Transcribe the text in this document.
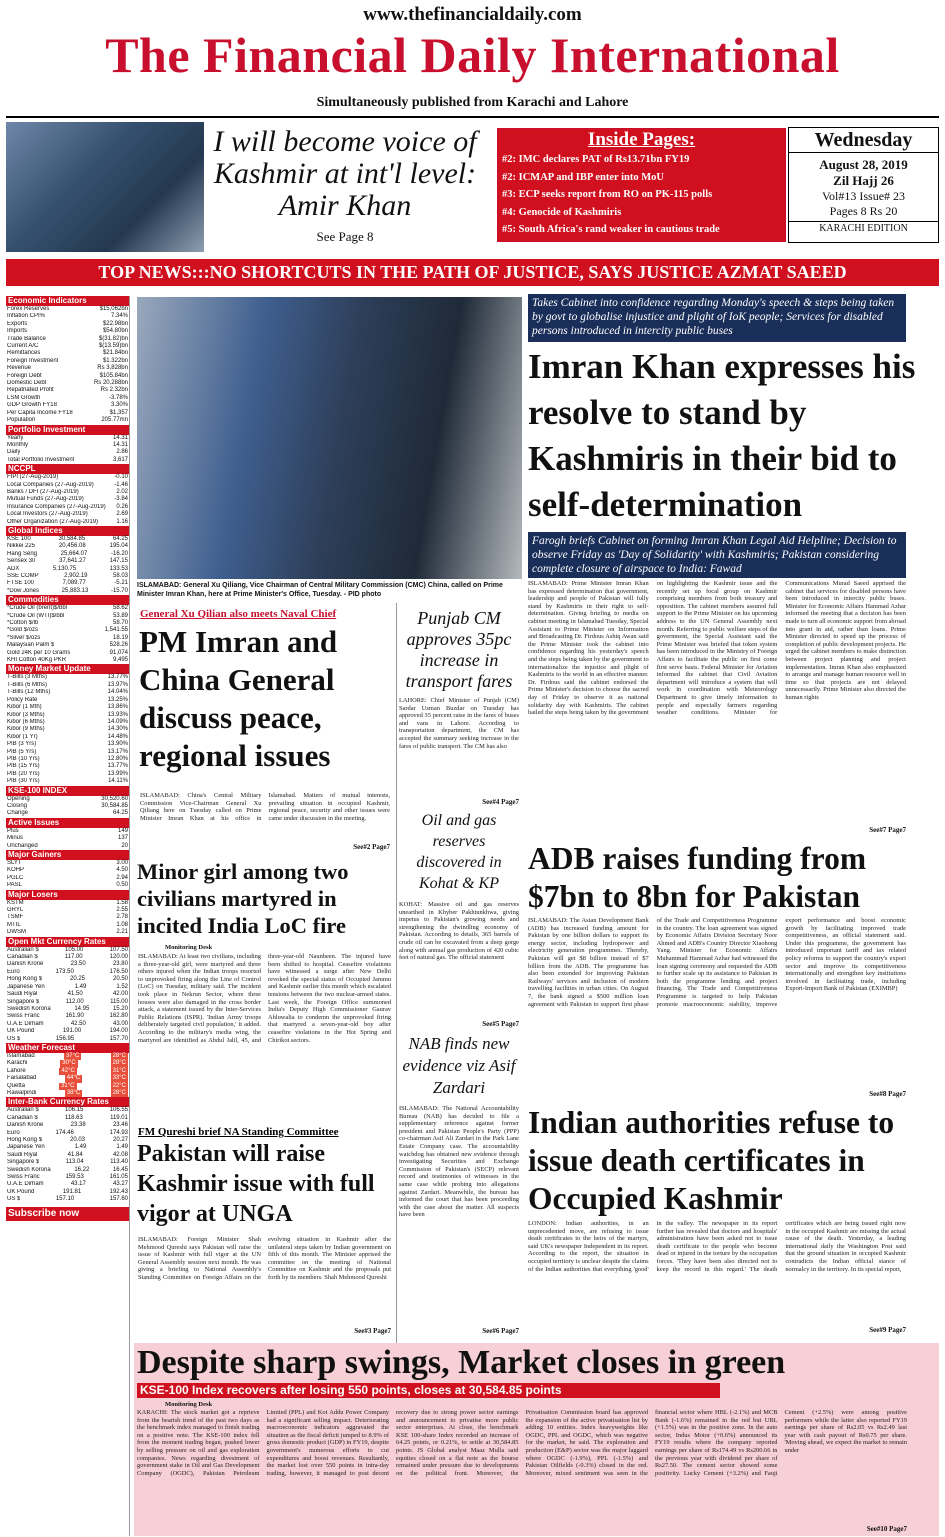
www.thefinancialdaily.com
The Financial Daily International
Simultaneously published from Karachi and Lahore
I will become voice of Kashmir at int'l level: Amir Khan
See Page 8
Inside Pages:
#2: IMC declares PAT of Rs13.71bn FY19
#2: ICMAP and IBP enter into MoU
#3: ECP seeks report from RO on PK-115 polls
#4: Genocide of Kashmiris
#5: South Africa's rand weaker in cautious trade
Wednesday
August 28, 2019
Zil Hajj 26
Vol#13 Issue# 23
Pages 8 Rs 20
KARACHI EDITION
TOP NEWS:::NO SHORTCUTS IN THE PATH OF JUSTICE, SAYS JUSTICE AZMAT SAEED
Economic Indicators
Forex Reserves	$15,062bn
Inflation CPI%	7.34%
Exports	$22.98bn
Imports	$54.80bn
Trade Balance	$(31.82)bn
Current A/C	$(13.59)bn
Remittances	$21.84bn
Foreign Investment	$1.322bn
Revenue	Rs 3,828bn
Foreign Debt	$105.84bn
Domestic Debt	Rs 20,288bn
Repatriated Profit	Rs 2.32bn
LSM Growth	-3.78%
GDP Growth FY18	3.30%
Per Capita Income FY18	$1,357
Population	205.77mn
Portfolio Investment
Yearly	14.31
Monthly	14.31
Daily	2.86
Total Portfolio Investment	3,617
NCCPL
FIPI (27-Aug-2019)	-0.10
Local Companies (27-Aug-2019)	-1.46
Banks / DFI (27-Aug-2019)	2.02
Mutual Funds (27-Aug-2019)	-3.84
Insurance Companies (27-Aug-2019) 0.26
Local Investors (27-Aug-2019)	2.69
Other Organization (27-Aug-2019)	1.16
Global Indices
KSE 100	30,584.85	64.25
Nikkei 225	20,456.08	195.04
Hang Seng	25,664.07	-16.20
Sensex 30	37,641.27	147.15
ADX	5,130.75	133.53
SSE COMP	2,902.19	58.03
FTSE 100	7,089.77	-5.21
*Dow Jones	25,883.13	-15.70
Commodities
*Crude Oil (brent)$/bbl	58.62
*Crude Oil (WTI)$/bbl	53.89
*Cotton $/lb	58.70
*Gold $/ozs	1,541.55
*Silver $/ozs	18.19
Malaysian Palm $	528.26
Gold 24K per 10 Grams	91,074
KHI Cotton 40Kg PKR	9,495
Money Market Update
T-Bills (3 Mths)	13.77%
T-Bills (6 Mths)	13.97%
T-Bills (12 Mths)	14.04%
Policy Rate	13.25%
Kibor (1 Mth)	13.86%
Kibor (3 Mths)	13.93%
Kibor (6 Mths)	14.09%
Kibor (9 Mths)	14.30%
Kibor (1 Yr)	14.48%
PIB (3 Yrs)	13.90%
PIB (5 Yrs)	13.17%
PIB (10 Yrs)	12.80%
PIB (15 Yrs)	13.77%
PIB (20 Yrs)	13.99%
PIB (30 Yrs)	14.11%
KSE-100 INDEX
Opening	30,520.60
Closing	30,584.85
Change	64.25
Active Issues
Plus	149
Minus	137
Unchanged	20
Major Gainers
SLYT	3.00
KOHP	4.50
PGLC	2.94
PASL	0.50
Major Losers
KSTM	1.58
GRYL	2.55
TSMF	2.78
MTIL	1.08
DWSM	2.21
Open Mkt Currency Rates
Australian $	105.00	107.50
Canadian $	117.00	120.00
Danish Krone	23.50	23.80
Euro	173.50	176.50
Hong Kong $	20.25	20.50
Japanese Yen	1.49	1.52
Saudi Riyal	41.50	42.00
Singapore $	112.00	115.00
Swedish Korona	14.95	15.20
Swiss Franc	161.90	162.80
U.A.E Dirham	42.50	43.00
UK Pound	191.00	194.00
US $	156.95	157.70
Weather Forecast
Islamabad	37°C	28°C
Karachi	30°C	28°C
Lahore	42°C	31°C
Faisalabad	44°C	33°C
Quetta	31°C	22°C
Rawalpindi	38°C	28°C
Inter-Bank Currency Rates
Australian $	106.15	106.55
Canadian $	118.63	119.01
Danish Krone	23.38	23.46
Euro	174.46	174.93
Hong Kong $	20.03	20.27
Japanese Yen	1.49	1.49
Saudi Riyal	41.84	42.08
Singapore $	113.04	113.40
Swedish Korona	16.22	16.45
Swiss Franc	159.53	161.05
U.A.E Dirham	43.17	43.27
UK Pound	191.81	192.43
US $	157.10	157.60
Subscribe now
ISLAMABAD: General Xu Qiliang, Vice Chairman of Central Military Commission (CMC) China, called on Prime Minister Imran Khan, here at Prime Minister's Office, Tuesday. - PID photo
Takes Cabinet into confidence regarding Monday's speech & steps being taken by govt to globalise injustice and plight of IoK people; Services for disabled persons introduced in intercity public buses
Imran Khan expresses his resolve to stand by Kashmiris in their bid to self-determination
Farogh briefs Cabinet on forming Imran Khan Legal Aid Helpline; Decision to observe Friday as 'Day of Solidarity' with Kashmiris; Pakistan considering complete closure of airspace to India: Fawad
ISLAMABAD: Prime Minister Imran Khan has expressed determination that government, leadership and people of Pakistan will fully stand by Kashmiris in their right to self-determination. Giving briefing to media on cabinet meeting in Islamabad Tuesday, Special Assistant to Prime Minister on Information and Broadcasting Dr. Firdous Ashiq Awan said the Prime Minister took the cabinet into confidence regarding his yesterday's speech and the steps being taken by the government to internationalize the injustice and plight of Kashmiris to the world in an effective manner. Dr. Firdous said the cabinet endorsed the Prime Minister's decision to choose the sacred day of Friday to observe it as national solidarity day with Kashmiris. The cabinet hailed the steps being taken by the government on highlighting the Kashmir issue and the recently set up focal group on Kashmir comprising members from both treasury and opposition. The cabinet members assured full support to the Prime Minister on his upcoming address to the UN General Assembly next month. Referring to public welfare steps of the government, the Special Assistant said the Prime Minister was briefed that token system has been introduced in the Ministry of Foreign Affairs to facilitate the public on first come first serve basis. Federal Minister for Aviation informed the cabinet that Civil Aviation department will introduce a system that will work in coordination with Meteorology Department to give timely information to people and especially farmers regarding weather conditions. Minister for Communications Murad Saeed apprised the cabinet that services for disabled persons have been introduced in intercity public buses. Minister for Economic Affairs Hammad Azhar informed the meeting that a decision has been made to turn all economic support from abroad into grant in aid, rather than loans. Prime Minister directed to speed up the process of completion of public development projects. He urged the cabinet members to make distinction between project planning and project implementation. Imran Khan also emphasized to arrange and manage human resource well in time so that projects are not delayed unnecessarily. Prime Minister also directed the human rights
See#7 Page7
General Xu Qilian also meets Naval Chief
PM Imran and China General discuss peace, regional issues
ISLAMABAD: China's Central Military Commission Vice-Chairman General Xu Qiliang here on Tuesday called on Prime Minister Imran Khan at his office in Islamabad. Matters of mutual interests, prevailing situation in occupied Kashmir, regional peace, security and other issues were came under discussion in the meeting.
See#2 Page7
Minor girl among two civilians martyred in incited India LoC fire
Monitoring Desk
ISLAMABAD: At least two civilians, including a three-year-old girl, were martyred and three others injured when the Indian troops resorted to unprovoked firing along the Line of Control (LoC) on Tuesday, military said. The incident took place in Nekrun Sector, where three houses were also damaged in the cross border attack, a statement issued by the Inter-Services Public Relations (ISPR). 'Indian Army troops deliberately targeted civil population,' it added. According to the military's media wing, the martyred are identified as Abdul Jalil, 45, and three-year-old Naunbeen. The injured have been shifted to hospital. Ceasefire violations have witnessed a surge after New Delhi revoked the special status of Occupied Jammu and Kashmir earlier this month which escalated tensions between the two nuclear-armed states. Last week, the Foreign Office summoned India's Deputy High Commissioner Gaurav Ahluwalia to condemn the unprovoked firing that martyred a seven-year-old boy after ceasefire violations in the Hot Spring and Chirikot sectors.
FM Qureshi brief NA Standing Committee
Pakistan will raise Kashmir issue with full vigor at UNGA
ISLAMABAD: Foreign Minister Shah Mehmood Qureshi says Pakistan will raise the issue of Kashmir with full vigor at the UN General Assembly session next month. He was giving a briefing to National Assembly's Standing Committee on Foreign Affairs on the evolving situation in Kashmir after the unilateral steps taken by Indian government on fifth of this month. The Minister apprised the committee on the meeting of National Committee on Kashmir and the proposals put forth by its members. Shah Mehmood Qureshi
See#3 Page7
Punjab CM approves 35pc increase in transport fares
LAHORE: Chief Minister of Punjab (CM) Sardar Usman Buzdar on Tuesday has approved 35 percent raise in the fares of buses and vans in Lahore. According to transportation department, the CM has accepted the summary seeking increase in the fares of public transport. The CM has also
See#4 Page7
Oil and gas reserves discovered in Kohat & KP
KOHAT: Massive oil and gas reserves unearthed in Khyber Pakhtunkhwa, giving impetus to Pakistan's growing needs and strengthening the dwindling economy of Pakistan. According to details, 365 barrels of crude oil can be excavated from a deep gorge along with annual gas production of 420 cubic feet of natural gas. The official statement
See#5 Page7
NAB finds new evidence viz Asif Zardari
ISLAMABAD: The National Accountability Bureau (NAB) has decided to file a supplementary reference against former president and Pakistan People's Party (PPP) co-chairman Asif Ali Zardari in the Park Lane Estate Company case. The accountability watchdog has obtained new evidence through investigating Securities and Exchange Commission of Pakistan's (SECP) relevant record and testimonies of witnesses in the same case while probing into allegations against Zardari. Meanwhile, the bureau has informed the court that has been proceeding with the case about the matter. All suspects have been
See#6 Page7
ADB raises funding from $7bn to 8bn for Pakistan
ISLAMABAD: The Asian Development Bank (ADB) has increased funding amount for Pakistan by one billion dollars to support its energy sector, including hydropower and electricity generation programmes. Thereby, Pakistan will get $8 billion instead of $7 billion from the ADB. The programme has also been extended for improving Pakistan Railways' services and inclusion of modern travelling facilities in urban cities. On August 7, the bank signed a $500 million loan agreement with Pakistan to support first phase of the Trade and Competitiveness Programme in the country. The loan agreement was signed by Economic Affairs Division Secretary Noor Ahmed and ADB's Country Director Xiaohong Yang. Minister for Economic Affairs Muhammad Hammad Azhar had witnessed the loan signing ceremony and requested the ADB to further scale up its assistance to Pakistan in both the programme lending and project financing. The Trade and Competitiveness Programme is targeted to help Pakistan promote macroeconomic stability, improve export performance and boost economic growth by facilitating improved trade competitiveness, an official statement said. Under this programme, the government has introduced important tariff and tax related policy reforms to support the country's export sector and improve its competitiveness internationally and strengthen key institutions involved in facilitating trade, including Export-Import Bank of Pakistan (EXIMBP)
See#8 Page7
Indian authorities refuse to issue death certificates in Occupied Kashmir
LONDON: Indian authorities, in an unprecedented move, are refusing to issue death certificates to the heirs of the martyrs, said UK's newspaper Independent in its report. According to the report, the situation in occupied territory is unclear despite the claims of the Indian authorities that everything 'good' in the valley. The newspaper in its report further has revealed that doctors and hospitals' administration have been asked not to issue death certificate to the people who become dead or injured in the torture by the occupation forces. 'They have been also directed not to keep the record in this regard.' The death certificates which are being issued right now in the occupied Kashmir are missing the actual cause of the death. Yesterday, a leading international daily the Washington Post said that the ground situation in occupied Kashmir contradicts the Indian official stance of normalcy in the territory. In its special report,
See#9 Page7
Despite sharp swings, Market closes in green
KSE-100 Index recovers after losing 550 points, closes at 30,584.85 points
Monitoring Desk
KARACHI: The stock market got a reprieve from the bearish trend of the past two days as the benchmark index managed to finish trading on a positive note. The KSE-100 index fell from the moment trading began, pushed lower by selling pressure on oil and gas exploration companies. News regarding divestment of government stake in Oil and Gas Development Company (OGDC), Pakistan Petroleum Limited (PPL) and Kot Addu Power Company had a significant selling impact. Deteriorating macroeconomic indicators aggravated the situation as the fiscal deficit jumped to 8.9% of gross domestic product (GDP) in FY19, despite government's numerous efforts to cut expenditures and boost revenues. Resultantly, the market lost over 550 points in intra-day trading, however, it managed to post decent recovery due to strong power sector earnings and announcement to privatise more public sector enterprises. At close, the benchmark KSE 100-share Index recorded an increase of 64.25 points, or 0.21%, to settle at 30,584.85 points. JS Global analyst Maaz Mulla said equities closed on a flat note as the bourse remained under pressure due to developments on the political front. Moreover, the Privatisation Commission board has approved the expansion of the active privatisation list by adding 10 entities. Index heavyweights like OGDC, PPL and OGDC, which was negative for the market, he said. The exploration and production (E&P) sector was the major laggard where OGDC (-1.9%), PPL (-1.5%) and Pakistan Oilfields (-0.3%) closed in the red. Moreover, mixed sentiment was seen in the financial sector where HBL (-2.1%) and MCB Bank (-1.6%) remained in the red but UBL (+1.5%) was in the positive zone. In the auto sector, Indus Motor (+0.6%) announced its FY19 results where the company reported earnings per share of Rs174.49 vs Rs200.66 in the previous year with dividend per share of Rs27.50. The cement sector showed some positivity. Lucky Cement (+3.2%) and Fauji Cement (+2.5%) were among positive performers while the latter also reported FY19 earnings per share of Rs2.05 vs Rs2.49 last year with cash payout of Rs0.75 per share. 'Moving ahead, we expect the market to remain under
See#10 Page7
